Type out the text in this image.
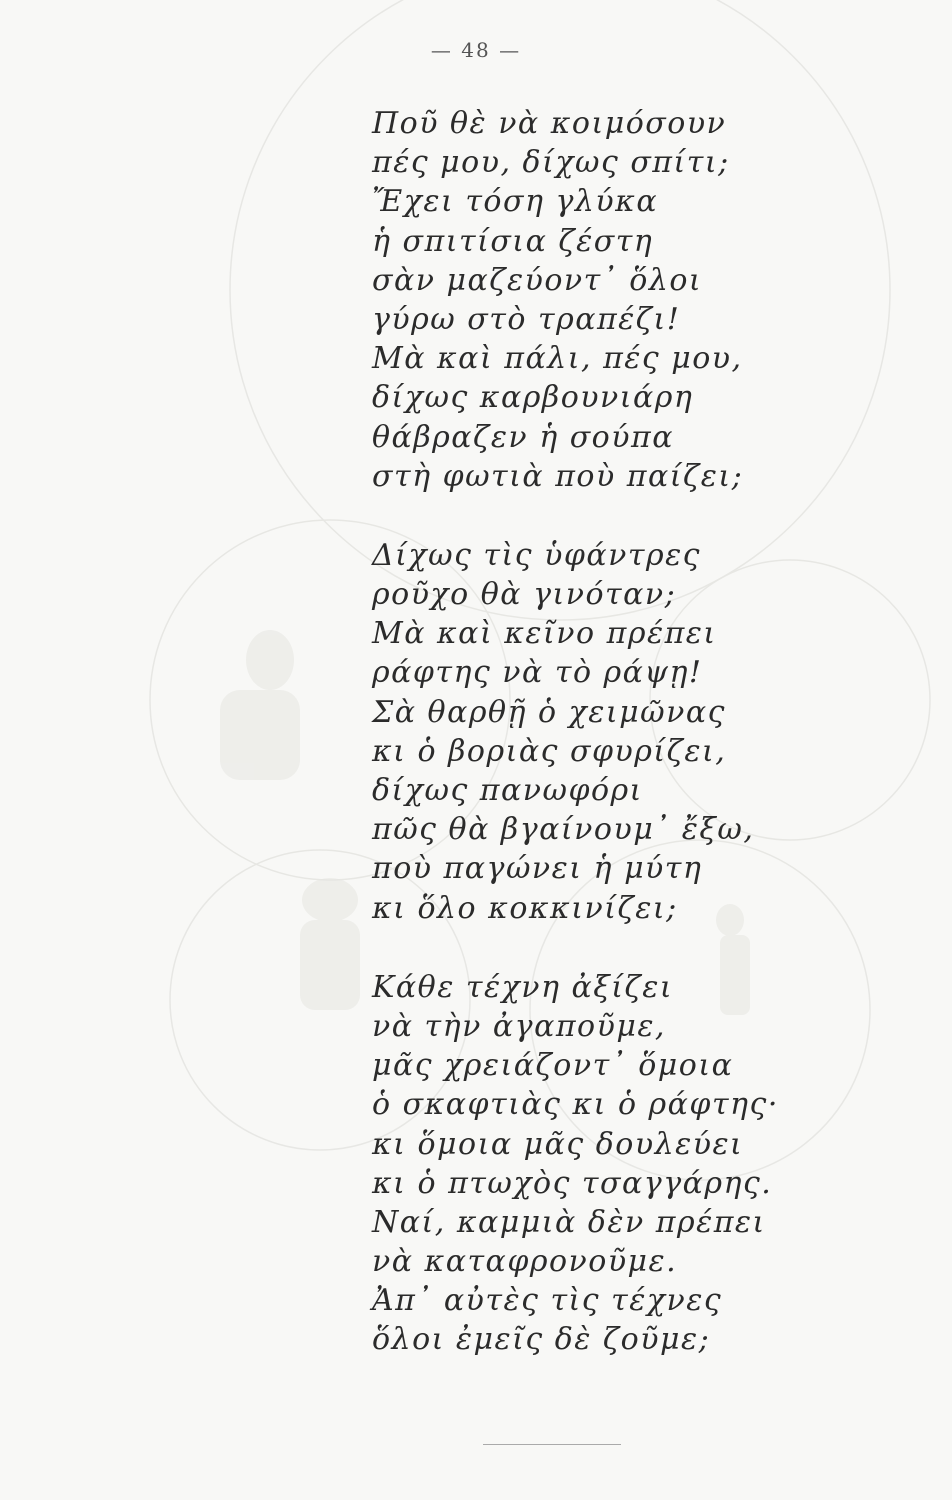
— 48 —
Ποῦ θὲ νὰ κοιμόσουν
πές μου, δίχως σπίτι;
Ἔχει τόση γλύκα
ἡ σπιτίσια ζέστη
σὰν μαζεύοντ᾽ ὅλοι
γύρω στὸ τραπέζι!
Μὰ καὶ πάλι, πές μου,
δίχως καρβουνιάρη
θάβραζεν ἡ σούπα
στὴ φωτιὰ ποὺ παίζει;
Δίχως τὶς ὑφάντρες
ροῦχο θὰ γινόταν;
Μὰ καὶ κεῖνο πρέπει
ράφτης νὰ τὸ ράψῃ!
Σὰ θαρθῇ ὁ χειμῶνας
κι ὁ βοριὰς σφυρίζει,
δίχως πανωφόρι
πῶς θὰ βγαίνουμ᾽ ἔξω,
ποὺ παγώνει ἡ μύτη
κι ὅλο κοκκινίζει;
Κάθε τέχνη ἀξίζει
νὰ τὴν ἀγαποῦμε,
μᾶς χρειάζοντ᾽ ὅμοια
ὁ σκαφτιὰς κι ὁ ράφτης·
κι ὅμοια μᾶς δουλεύει
κι ὁ πτωχὸς τσαγγάρης.
Ναί, καμμιὰ δὲν πρέπει
νὰ καταφρονοῦμε.
Ἀπ᾽ αὐτὲς τὶς τέχνες
ὅλοι ἐμεῖς δὲ ζοῦμε;
